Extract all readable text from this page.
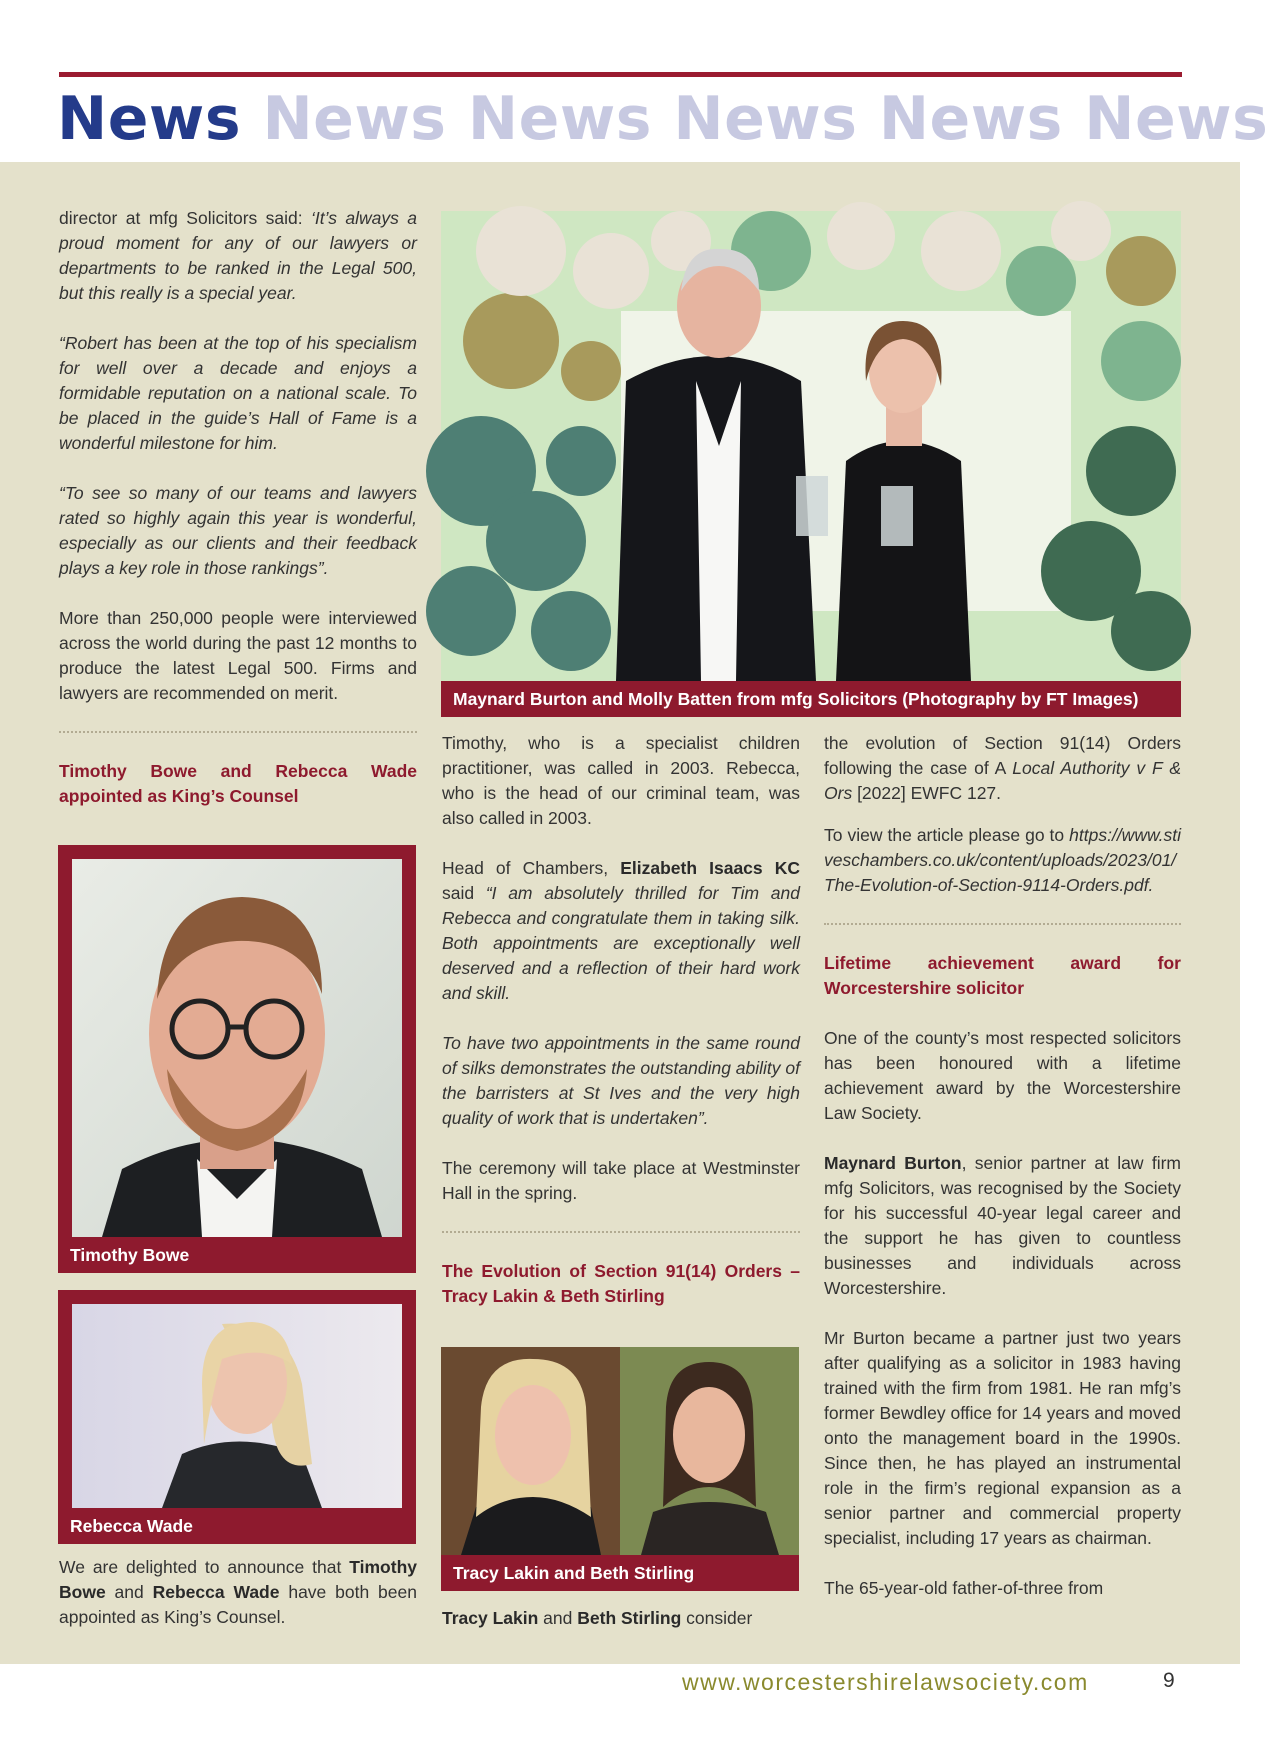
News News News News News News

director at mfg Solicitors said: ‘It’s always a proud moment for any of our lawyers or departments to be ranked in the Legal 500, but this really is a special year.

“Robert has been at the top of his specialism for well over a decade and enjoys a formidable reputation on a national scale. To be placed in the guide’s Hall of Fame is a wonderful milestone for him.

“To see so many of our teams and lawyers rated so highly again this year is wonderful, especially as our clients and their feedback plays a key role in those rankings”.

More than 250,000 people were interviewed across the world during the past 12 months to produce the latest Legal 500. Firms and lawyers are recommended on merit.

Timothy Bowe and Rebecca Wade appointed as King’s Counsel
Timothy Bowe
Rebecca Wade

We are delighted to announce that Timothy Bowe and Rebecca Wade have both been appointed as King’s Counsel.

Maynard Burton and Molly Batten from mfg Solicitors (Photography by FT Images)

Timothy, who is a specialist children practitioner, was called in 2003. Rebecca, who is the head of our criminal team, was also called in 2003.

Head of Chambers, Elizabeth Isaacs KC said “I am absolutely thrilled for Tim and Rebecca and congratulate them in taking silk. Both appointments are exceptionally well deserved and a reflection of their hard work and skill.

To have two appointments in the same round of silks demonstrates the outstanding ability of the barristers at St Ives and the very high quality of work that is undertaken”.

The ceremony will take place at Westminster Hall in the spring.

The Evolution of Section 91(14) Orders – Tracy Lakin & Beth Stirling
Tracy Lakin and Beth Stirling

Tracy Lakin and Beth Stirling consider

the evolution of Section 91(14) Orders following the case of A Local Authority v F & Ors [2022] EWFC 127.

To view the article please go to https://www.stiveschambers.co.uk/content/uploads/2023/01/The-Evolution-of-Section-9114-Orders.pdf.

Lifetime achievement award for Worcestershire solicitor

One of the county’s most respected solicitors has been honoured with a lifetime achievement award by the Worcestershire Law Society.

Maynard Burton, senior partner at law firm mfg Solicitors, was recognised by the Society for his successful 40-year legal career and the support he has given to countless businesses and individuals across Worcestershire.

Mr Burton became a partner just two years after qualifying as a solicitor in 1983 having trained with the firm from 1981. He ran mfg’s former Bewdley office for 14 years and moved onto the management board in the 1990s. Since then, he has played an instrumental role in the firm’s regional expansion as a senior partner and commercial property specialist, including 17 years as chairman.

The 65-year-old father-of-three from

www.worcestershirelawsociety.com	9
